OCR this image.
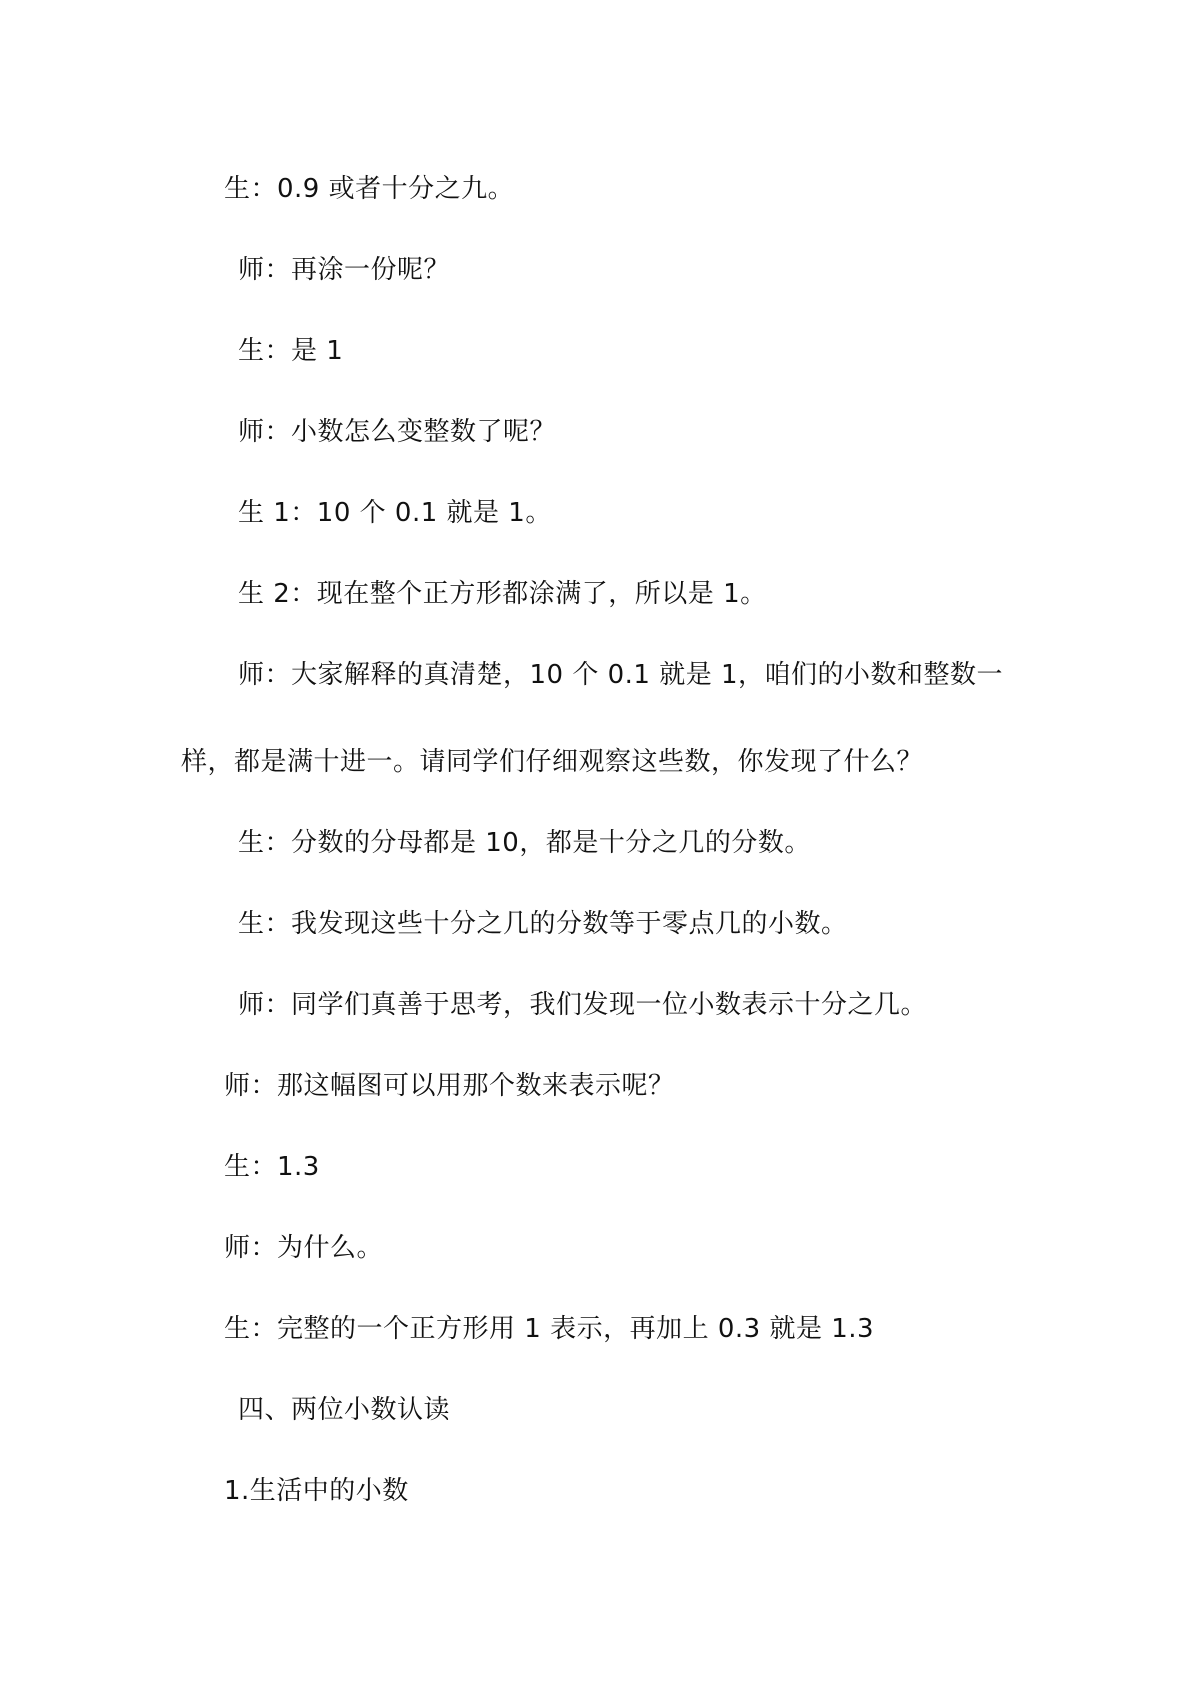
生：0.9 或者十分之九。
师：再涂一份呢？
生：是 1
师：小数怎么变整数了呢？
生 1：10 个 0.1 就是 1。
生 2：现在整个正方形都涂满了，所以是 1。
师：大家解释的真清楚，10 个 0.1 就是 1，咱们的小数和整数一
样，都是满十进一。请同学们仔细观察这些数，你发现了什么？
生：分数的分母都是 10，都是十分之几的分数。
生：我发现这些十分之几的分数等于零点几的小数。
师：同学们真善于思考，我们发现一位小数表示十分之几。
师：那这幅图可以用那个数来表示呢？
生：1.3
师：为什么。
生：完整的一个正方形用 1 表示，再加上 0.3 就是 1.3
四、两位小数认读
1.生活中的小数
